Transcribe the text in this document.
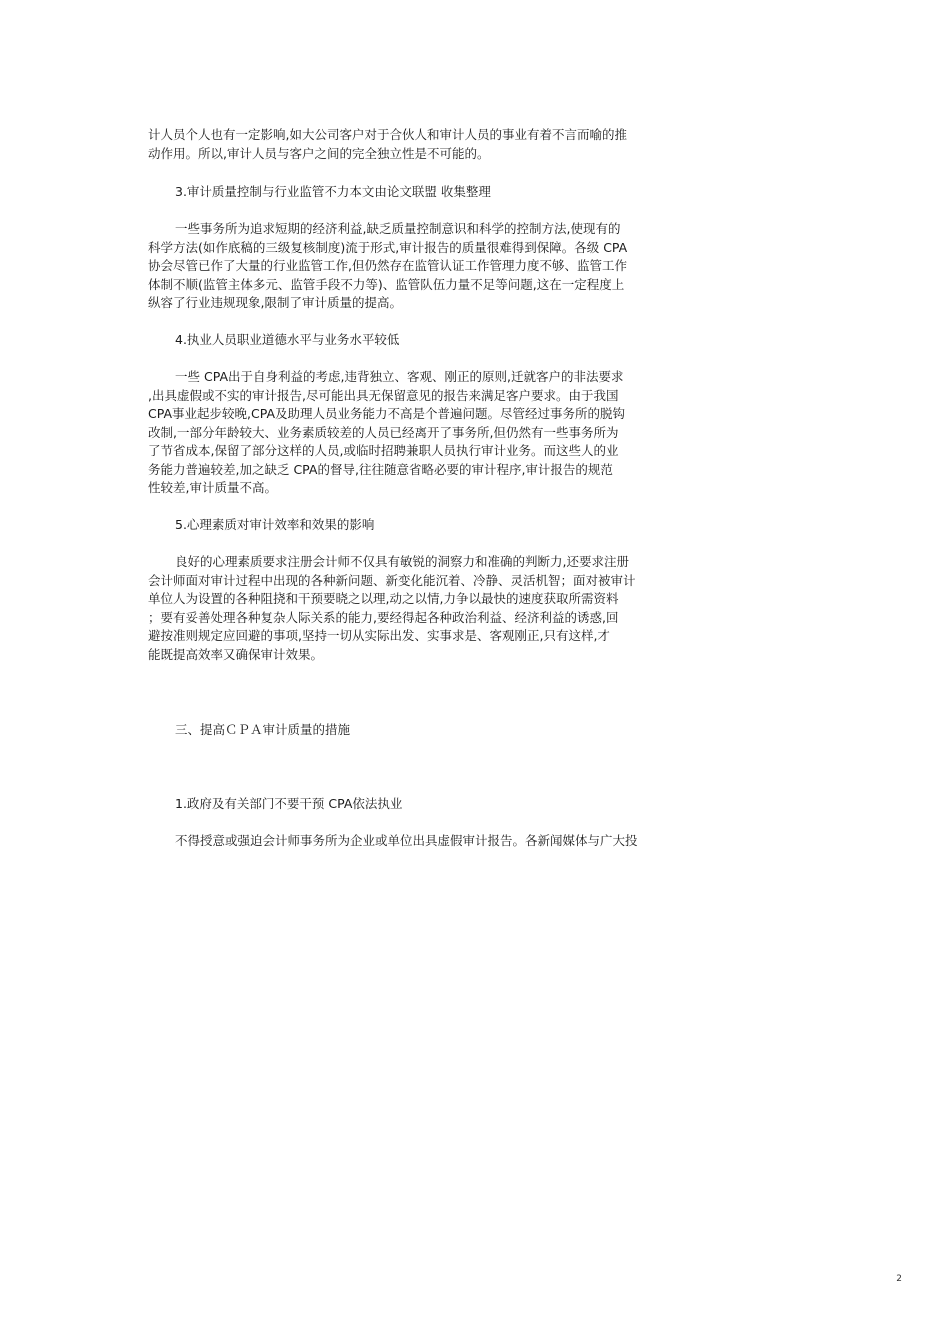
计人员个人也有一定影响,如大公司客户对于合伙人和审计人员的事业有着不言而喻的推
动作用。所以,审计人员与客户之间的完全独立性是不可能的。
3.审计质量控制与行业监管不力本文由论文联盟 收集整理
一些事务所为追求短期的经济利益,缺乏质量控制意识和科学的控制方法,使现有的
科学方法(如作底稿的三级复核制度)流于形式,审计报告的质量很难得到保障。各级 CPA
协会尽管已作了大量的行业监管工作,但仍然存在监管认证工作管理力度不够、监管工作
体制不顺(监管主体多元、监管手段不力等)、监管队伍力量不足等问题,这在一定程度上
纵容了行业违规现象,限制了审计质量的提高。
4.执业人员职业道德水平与业务水平较低
一些 CPA出于自身利益的考虑,违背独立、客观、刚正的原则,迁就客户的非法要求
,出具虚假或不实的审计报告,尽可能出具无保留意见的报告来满足客户要求。由于我国
CPA事业起步较晚,CPA及助理人员业务能力不高是个普遍问题。尽管经过事务所的脱钩
改制,一部分年龄较大、业务素质较差的人员已经离开了事务所,但仍然有一些事务所为
了节省成本,保留了部分这样的人员,或临时招聘兼职人员执行审计业务。而这些人的业
务能力普遍较差,加之缺乏 CPA的督导,往往随意省略必要的审计程序,审计报告的规范
性较差,审计质量不高。
5.心理素质对审计效率和效果的影响
良好的心理素质要求注册会计师不仅具有敏锐的洞察力和准确的判断力,还要求注册
会计师面对审计过程中出现的各种新问题、新变化能沉着、冷静、灵活机智；面对被审计
单位人为设置的各种阻挠和干预要晓之以理,动之以情,力争以最快的速度获取所需资料
；要有妥善处理各种复杂人际关系的能力,要经得起各种政治利益、经济利益的诱惑,回
避按准则规定应回避的事项,坚持一切从实际出发、实事求是、客观刚正,只有这样,才
能既提高效率又确保审计效果。
三、提高ＣＰＡ审计质量的措施
1.政府及有关部门不要干预 CPA依法执业
不得授意或强迫会计师事务所为企业或单位出具虚假审计报告。各新闻媒体与广大投
2
